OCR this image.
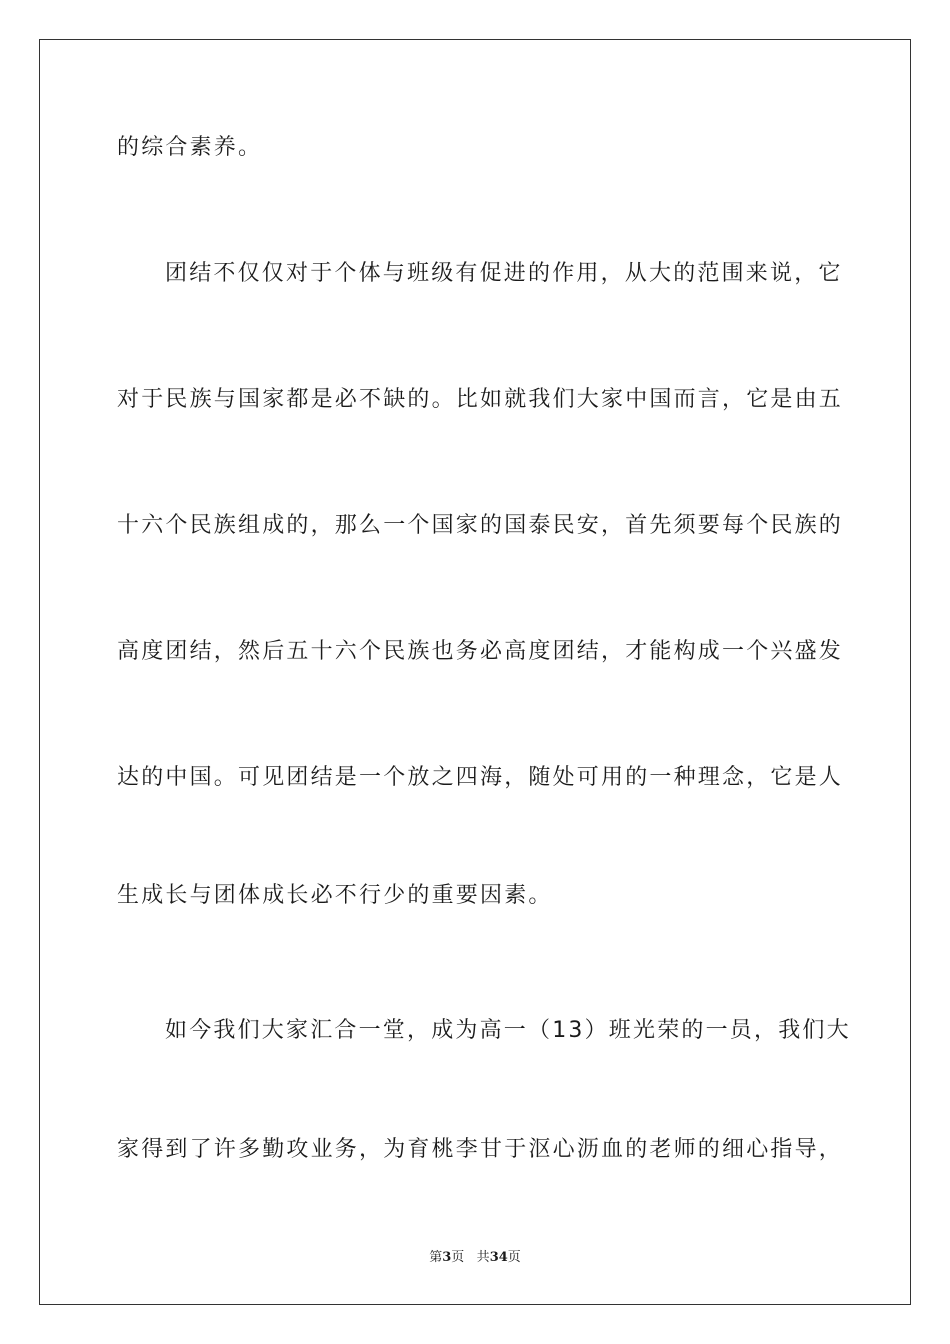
的综合素养。
团结不仅仅对于个体与班级有促进的作用，从大的范围来说，它
对于民族与国家都是必不缺的。比如就我们大家中国而言，它是由五
十六个民族组成的，那么一个国家的国泰民安，首先须要每个民族的
高度团结，然后五十六个民族也务必高度团结，才能构成一个兴盛发
达的中国。可见团结是一个放之四海，随处可用的一种理念，它是人
生成长与团体成长必不行少的重要因素。
如今我们大家汇合一堂，成为高一（13）班光荣的一员，我们大
家得到了许多勤攻业务，为育桃李甘于沤心沥血的老师的细心指导，
第3页 共34页
